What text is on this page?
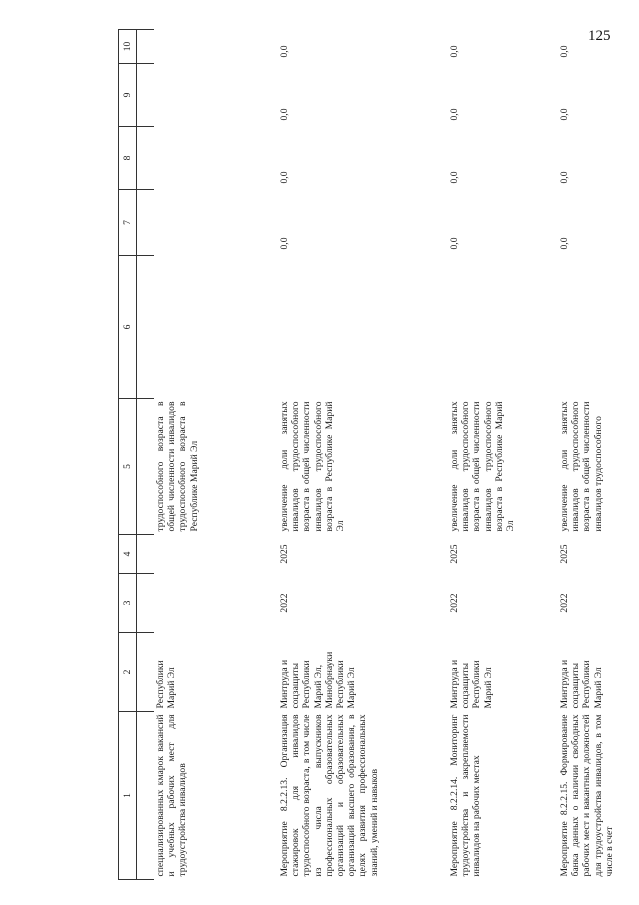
125
1	2	3	4	5	6	7	8	9	10

специализированных кмарок вакансий и учебных рабочих мест для трудоустройства инвалидов	Республики Марий Эл			трудоспособного возраста в общей численности инвалидов трудоспособного возраста в Республике Марий Эл					
Мероприятие 8.2.2.13. Организация стажировок для инвалидов трудоспособного возраста, в том числе из числа выпускников профессиональных образовательных организаций и образовательных организаций высшего образования, в целях развития профессиональных знаний, умений и навыков	Минтруда и соцзащиты Республики Марий Эл, Минобрнауки Республики Марий Эл	2022	2025	увеличение доли занятых инвалидов трудоспособного возраста в общей численности инвалидов трудоспособного возраста в Республике Марий Эл		0,0	0,0	0,0	0,0
Мероприятие 8.2.2.14. Мониторинг трудоустройства и закрепляемости инвалидов на рабочих местах	Минтруда и соцзащиты Республики Марий Эл	2022	2025	увеличение доли занятых инвалидов трудоспособного возраста в общей численности инвалидов трудоспособного возраста в Республике Марий Эл		0,0	0,0	0,0	0,0
Мероприятие 8.2.2.15. Формирование банка данных о наличии свободных рабочих мест и вакантных должностей для трудоустройства инвалидов, в том числе в счет	Минтруда и соцзащиты Республики Марий Эл	2022	2025	увеличение доли занятых инвалидов трудоспособного возраста в общей численности инвалидов трудоспособного		0,0	0,0	0,0	0,0
